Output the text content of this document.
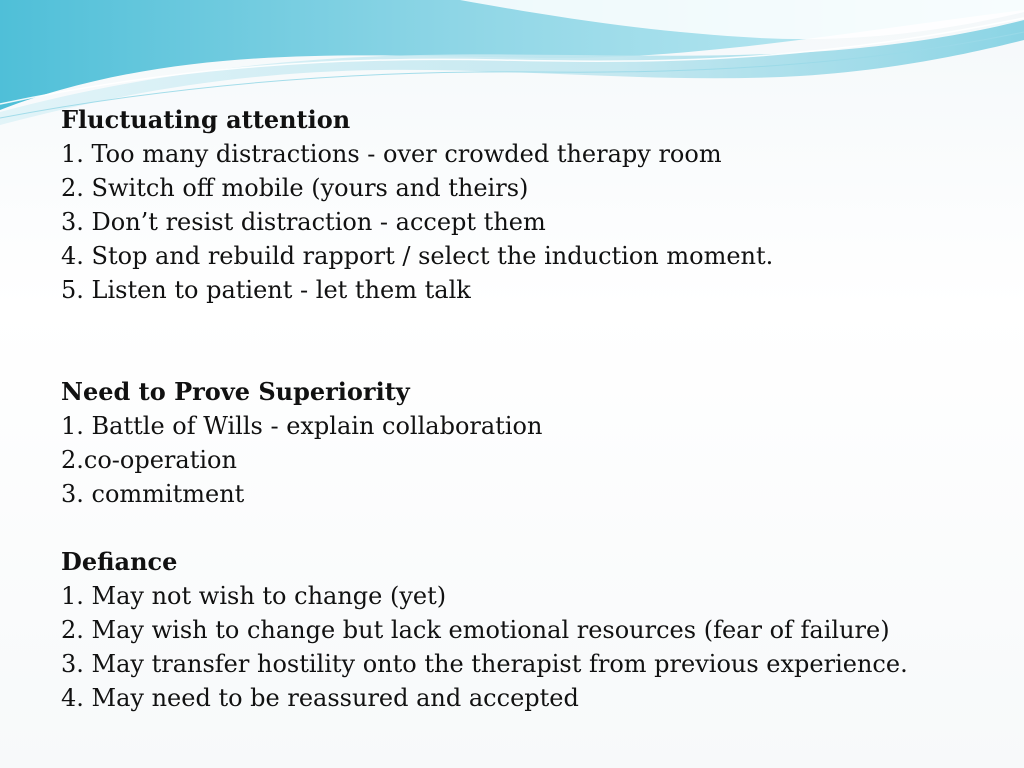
Fluctuating attention
1. Too many distractions - over crowded therapy room
2. Switch off mobile (yours and theirs)
3. Don’t resist distraction - accept them
4. Stop and rebuild rapport / select the induction moment.
5. Listen to patient - let them talk
Need to Prove Superiority
1. Battle of Wills - explain collaboration
2.co-operation
3. commitment
Defiance
1. May not wish to change (yet)
2. May wish to change but lack emotional resources (fear of failure)
3. May transfer hostility onto the therapist from previous experience.
4. May need to be reassured and accepted
